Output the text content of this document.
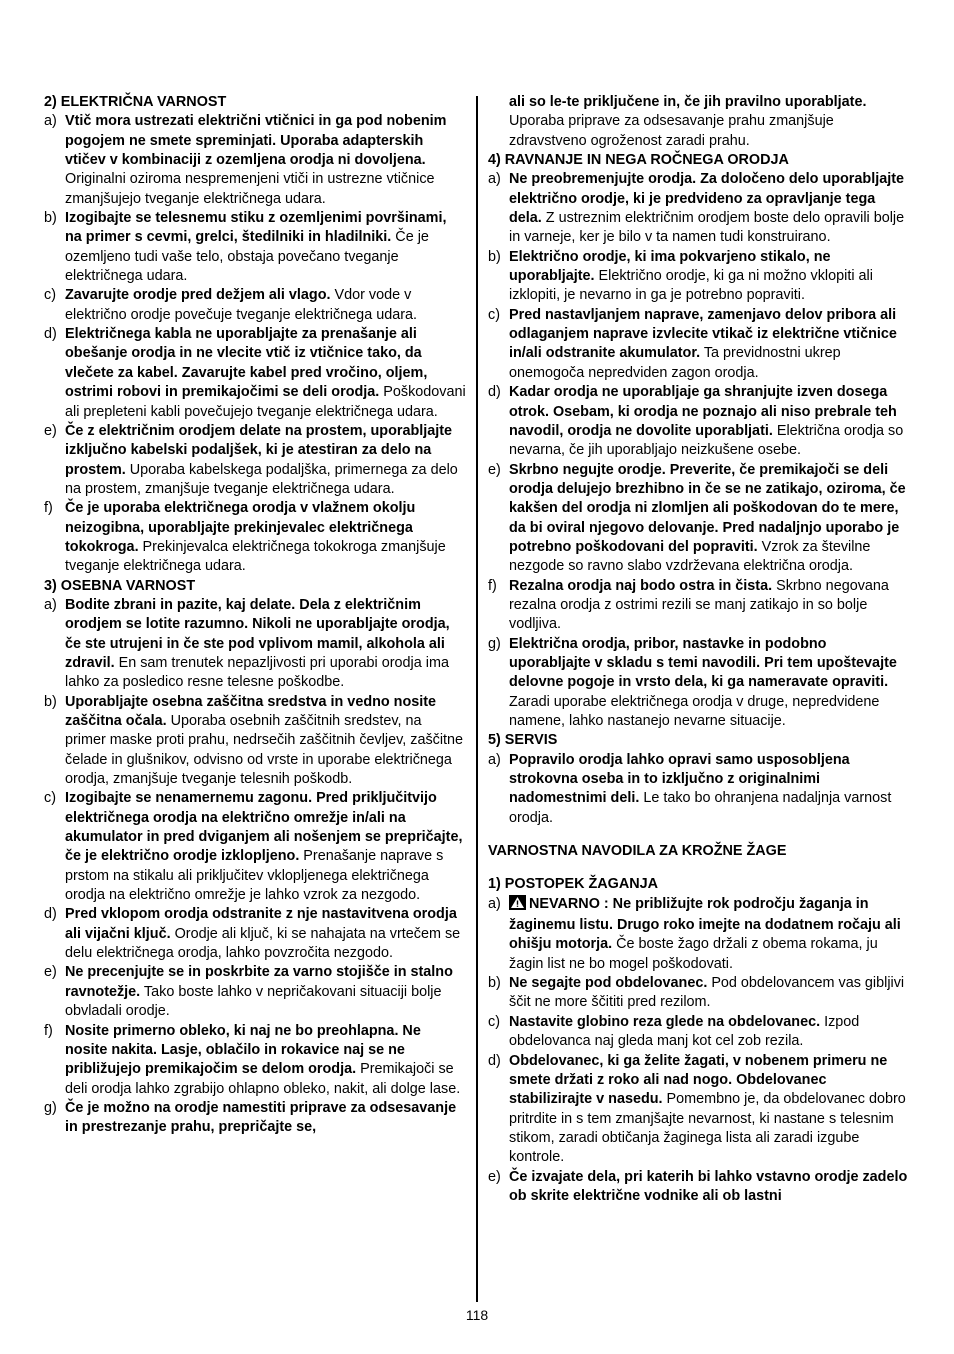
2) ELEKTRIČNA VARNOST
a) Vtič mora ustrezati električni vtičnici in ga pod nobenim pogojem ne smete spreminjati. Uporaba adapterskih vtičev v kombinaciji z ozemljena orodja ni dovoljena. Originalni oziroma nespremenjeni vtiči in ustrezne vtičnice zmanjšujejo tveganje električnega udara.
b) Izogibajte se telesnemu stiku z ozemljenimi površinami, na primer s cevmi, grelci, štedilniki in hladilniki. Če je ozemljeno tudi vaše telo, obstaja povečano tveganje električnega udara.
c) Zavarujte orodje pred dežjem ali vlago. Vdor vode v električno orodje povečuje tveganje električnega udara.
d) Električnega kabla ne uporabljajte za prenašanje ali obešanje orodja in ne vlecite vtič iz vtičnice tako, da vlečete za kabel. Zavarujte kabel pred vročino, oljem, ostrimi robovi in premikajočimi se deli orodja. Poškodovani ali prepleteni kabli povečujejo tveganje električnega udara.
e) Če z električnim orodjem delate na prostem, uporabljajte izključno kabelski podaljšek, ki je atestiran za delo na prostem. Uporaba kabelskega podaljška, primernega za delo na prostem, zmanjšuje tveganje električnega udara.
f) Če je uporaba električnega orodja v vlažnem okolju neizogibna, uporabljajte prekinjevalec električnega tokokroga. Prekinjevalca električnega tokokroga zmanjšuje tveganje električnega udara.
3) OSEBNA VARNOST
a) Bodite zbrani in pazite, kaj delate. Dela z električnim orodjem se lotite razumno. Nikoli ne uporabljajte orodja, če ste utrujeni in če ste pod vplivom mamil, alkohola ali zdravil. En sam trenutek nepazljivosti pri uporabi orodja ima lahko za posledico resne telesne poškodbe.
b) Uporabljajte osebna zaščitna sredstva in vedno nosite zaščitna očala. Uporaba osebnih zaščitnih sredstev, na primer maske proti prahu, nedrsečih zaščitnih čevljev, zaščitne čelade in glušnikov, odvisno od vrste in uporabe električnega orodja, zmanjšuje tveganje telesnih poškodb.
c) Izogibajte se nenamernemu zagonu. Pred priključitvijo električnega orodja na električno omrežje in/ali na akumulator in pred dviganjem ali nošenjem se prepričajte, če je električno orodje izklopljeno. Prenašanje naprave s prstom na stikalu ali priključitev vklopljenega električnega orodja na električno omrežje je lahko vzrok za nezgodo.
d) Pred vklopom orodja odstranite z nje nastavitvena orodja ali vijačni ključ. Orodje ali ključ, ki se nahajata na vrtečem se delu električnega orodja, lahko povzročita nezgodo.
e) Ne precenjujte se in poskrbite za varno stojišče in stalno ravnotežje. Tako boste lahko v nepričakovani situaciji bolje obvladali orodje.
f) Nosite primerno obleko, ki naj ne bo preohlapna. Ne nosite nakita. Lasje, oblačilo in rokavice naj se ne približujejo premikajočim se delom orodja. Premikajoči se deli orodja lahko zgrabijo ohlapno obleko, nakit, ali dolge lase.
g) Če je možno na orodje namestiti priprave za odsesavanje in prestrezanje prahu, prepričajte se,
ali so le-te priključene in, če jih pravilno uporabljate. Uporaba priprave za odsesavanje prahu zmanjšuje zdravstveno ogroženost zaradi prahu.
4) RAVNANJE IN NEGA ROČNEGA ORODJA
a) Ne preobremenjujte orodja. Za določeno delo uporabljajte električno orodje, ki je predvideno za opravljanje tega dela. Z ustreznim električnim orodjem boste delo opravili bolje in varneje, ker je bilo v ta namen tudi konstruirano.
b) Električno orodje, ki ima pokvarjeno stikalo, ne uporabljajte. Električno orodje, ki ga ni možno vklopiti ali izklopiti, je nevarno in ga je potrebno popraviti.
c) Pred nastavljanjem naprave, zamenjavo delov pribora ali odlaganjem naprave izvlecite vtikač iz električne vtičnice in/ali odstranite akumulator. Ta previdnostni ukrep onemogoča nepredviden zagon orodja.
d) Kadar orodja ne uporabljaje ga shranjujte izven dosega otrok. Osebam, ki orodja ne poznajo ali niso prebrale teh navodil, orodja ne dovolite uporabljati. Električna orodja so nevarna, če jih uporabljajo neizkušene osebe.
e) Skrbno negujte orodje. Preverite, če premikajoči se deli orodja delujejo brezhibno in če se ne zatikajo, oziroma, če kakšen del orodja ni zlomljen ali poškodovan do te mere, da bi oviral njegovo delovanje. Pred nadaljnjo uporabo je potrebno poškodovani del popraviti. Vzrok za številne nezgode so ravno slabo vzdrževana električna orodja.
f) Rezalna orodja naj bodo ostra in čista. Skrbno negovana rezalna orodja z ostrimi rezili se manj zatikajo in so bolje vodljiva.
g) Električna orodja, pribor, nastavke in podobno uporabljajte v skladu s temi navodili. Pri tem upoštevajte delovne pogoje in vrsto dela, ki ga nameravate opraviti. Zaradi uporabe električnega orodja v druge, nepredvidene namene, lahko nastanejo nevarne situacije.
5) SERVIS
a) Popravilo orodja lahko opravi samo usposobljena strokovna oseba in to izključno z originalnimi nadomestnimi deli. Le tako bo ohranjena nadaljnja varnost orodja.
VARNOSTNA NAVODILA ZA KROŽNE ŽAGE
1) POSTOPEK ŽAGANJA
a)	NEVARNO : Ne približujte rok področju žaganja in žaginemu listu. Drugo roko imejte na dodatnem ročaju ali ohišju motorja. Če boste žago držali z obema rokama, ju žagin list ne bo mogel poškodovati.
b) Ne segajte pod obdelovanec. Pod obdelovancem vas gibljivi ščit ne more ščititi pred rezilom.
c) Nastavite globino reza glede na obdelovanec. Izpod obdelovanca naj gleda manj kot cel zob rezila.
d) Obdelovanec, ki ga želite žagati, v nobenem primeru ne smete držati z roko ali nad nogo. Obdelovanec stabilizirajte v nasedu. Pomembno je, da obdelovanec dobro pritrdite in s tem zmanjšajte nevarnost, ki nastane s telesnim stikom, zaradi obtičanja žaginega lista ali zaradi izgube kontrole.
e) Če izvajate dela, pri katerih bi lahko vstavno orodje zadelo ob skrite električne vodnike ali ob lastni
118
